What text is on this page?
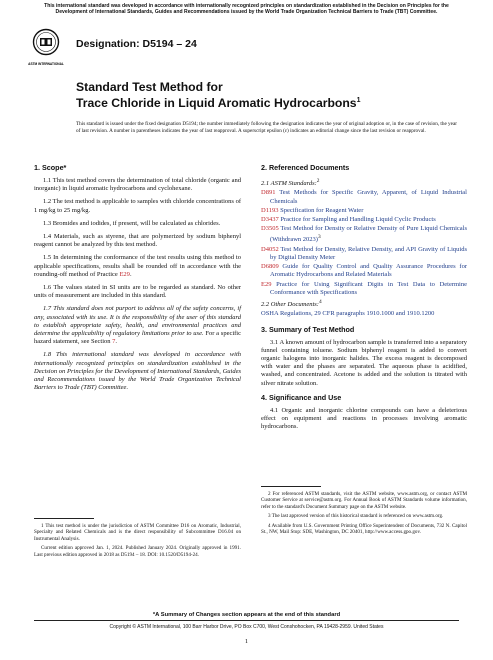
This international standard was developed in accordance with internationally recognized principles on standardization established in the Decision on Principles for the Development of International Standards, Guides and Recommendations issued by the World Trade Organization Technical Barriers to Trade (TBT) Committee.
ASTM INTERNATIONAL
Designation: D5194 – 24
Standard Test Method for
Trace Chloride in Liquid Aromatic Hydrocarbons$^1$
This standard is issued under the fixed designation D5194; the number immediately following the designation indicates the year of original adoption or, in the case of revision, the year of last revision. A number in parentheses indicates the year of last reapproval. A superscript epsilon (ε) indicates an editorial change since the last revision or reapproval.
1. Scope*

1.1 This test method covers the determination of total chloride (organic and inorganic) in liquid aromatic hydrocarbons and cyclohexane.

1.2 The test method is applicable to samples with chloride concentrations of 1 mg/kg to 25 mg/kg.

1.3 Bromides and iodides, if present, will be calculated as chlorides.

1.4 Materials, such as styrene, that are polymerized by sodium biphenyl reagent cannot be analyzed by this test method.

1.5 In determining the conformance of the test results using this method to applicable specifications, results shall be rounded off in accordance with the rounding-off method of Practice E29.

1.6 The values stated in SI units are to be regarded as standard. No other units of measurement are included in this standard.

1.7 This standard does not purport to address all of the safety concerns, if any, associated with its use. It is the responsibility of the user of this standard to establish appropriate safety, health, and environmental practices and determine the applicability of regulatory limitations prior to use. For a specific hazard statement, see Section 7.

1.8 This international standard was developed in accordance with internationally recognized principles on standardization established in the Decision on Principles for the Development of International Standards, Guides and Recommendations issued by the World Trade Organization Technical Barriers to Trade (TBT) Committee.

2. Referenced Documents
2.1 ASTM Standards:$^2$
D891 Test Methods for Specific Gravity, Apparent, of Liquid Industrial Chemicals
D1193 Specification for Reagent Water
D3437 Practice for Sampling and Handling Liquid Cyclic Products
D3505 Test Method for Density or Relative Density of Pure Liquid Chemicals (Withdrawn 2023)$^3$
D4052 Test Method for Density, Relative Density, and API Gravity of Liquids by Digital Density Meter
D6809 Guide for Quality Control and Quality Assurance Procedures for Aromatic Hydrocarbons and Related Materials
E29 Practice for Using Significant Digits in Test Data to Determine Conformance with Specifications
2.2 Other Documents:$^4$
OSHA Regulations, 29 CFR paragraphs 1910.1000 and 1910.1200
3. Summary of Test Method

3.1 A known amount of hydrocarbon sample is transferred into a separatory funnel containing toluene. Sodium biphenyl reagent is added to convert organic halogens into inorganic halides. The excess reagent is decomposed with water and the phases are separated. The aqueous phase is acidified, washed, and concentrated. Acetone is added and the solution is titrated with silver nitrate solution.

4. Significance and Use

4.1 Organic and inorganic chlorine compounds can have a deleterious effect on equipment and reactions in processes involving aromatic hydrocarbons.

1 This test method is under the jurisdiction of ASTM Committee D16 on Aromatic, Industrial, Specialty and Related Chemicals and is the direct responsibility of Subcommittee D16.04 on Instrumental Analysis.
Current edition approved Jan. 1, 2024. Published January 2024. Originally approved in 1991. Last previous edition approved in 2018 as D5194 – 18. DOI: 10.1520/D5194-24.
2 For referenced ASTM standards, visit the ASTM website, www.astm.org, or contact ASTM Customer Service at service@astm.org. For Annual Book of ASTM Standards volume information, refer to the standard's Document Summary page on the ASTM website.
3 The last approved version of this historical standard is referenced on www.astm.org.
4 Available from U.S. Government Printing Office Superintendent of Documents, 732 N. Capitol St., NW, Mail Stop: SDE, Washington, DC 20401, http://www.access.gpo.gov.
*A Summary of Changes section appears at the end of this standard
Copyright © ASTM International, 100 Barr Harbor Drive, PO Box C700, West Conshohocken, PA 19428-2959. United States
1
